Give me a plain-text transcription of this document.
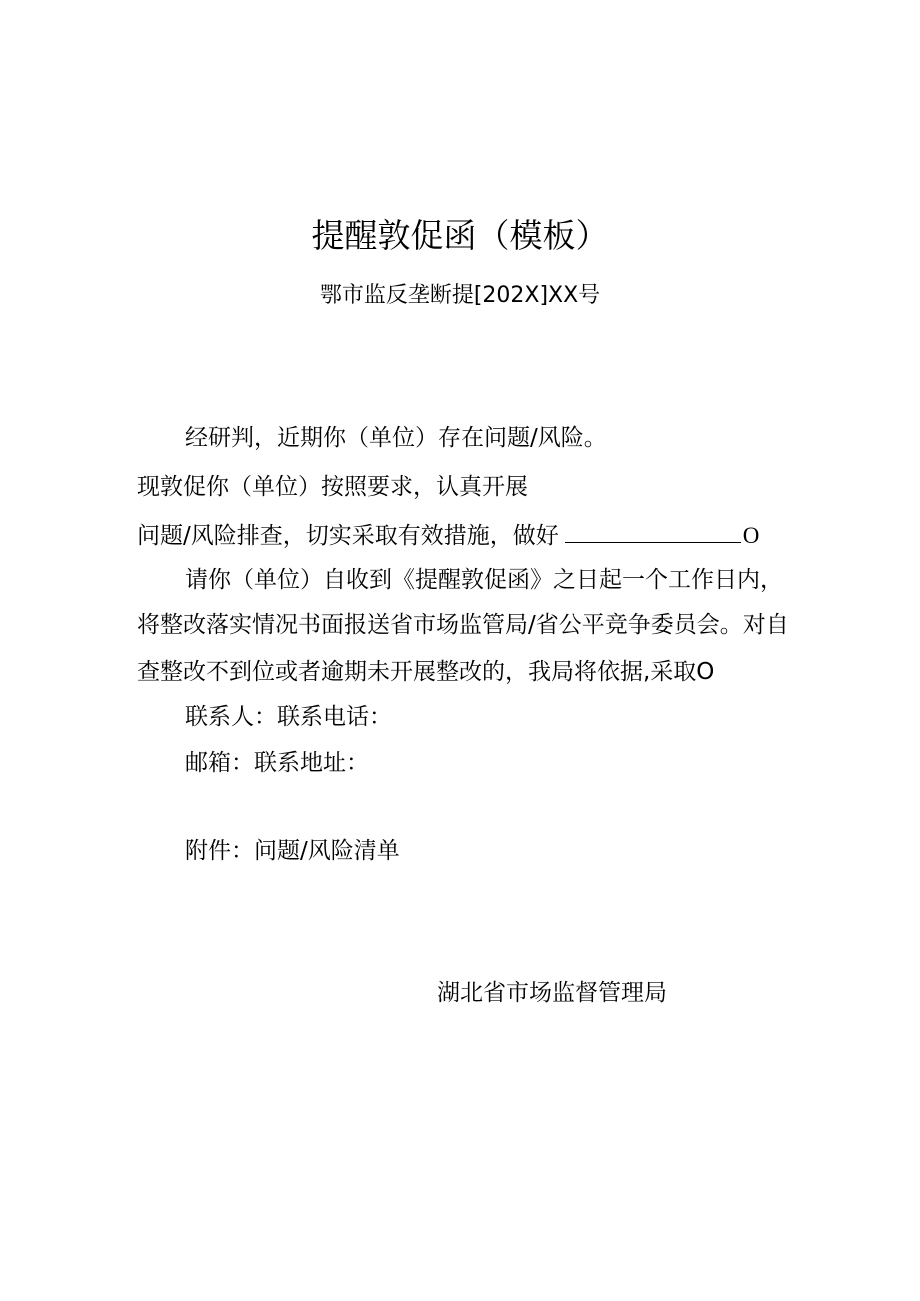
提醒敦促函（模板）
鄂市监反垄断提[202X]XX号
经研判，近期你（单位）存在问题/风险。
现敦促你（单位）按照要求，认真开展
问题/风险排查，切实采取有效措施，做好	O
请你（单位）自收到《提醒敦促函》之日起一个工作日内，
将整改落实情况书面报送省市场监管局/省公平竞争委员会。对自
查整改不到位或者逾期未开展整改的，我局将依据,采取O
联系人：联系电话：
邮箱：联系地址：
附件：问题/风险清单
湖北省市场监督管理局
